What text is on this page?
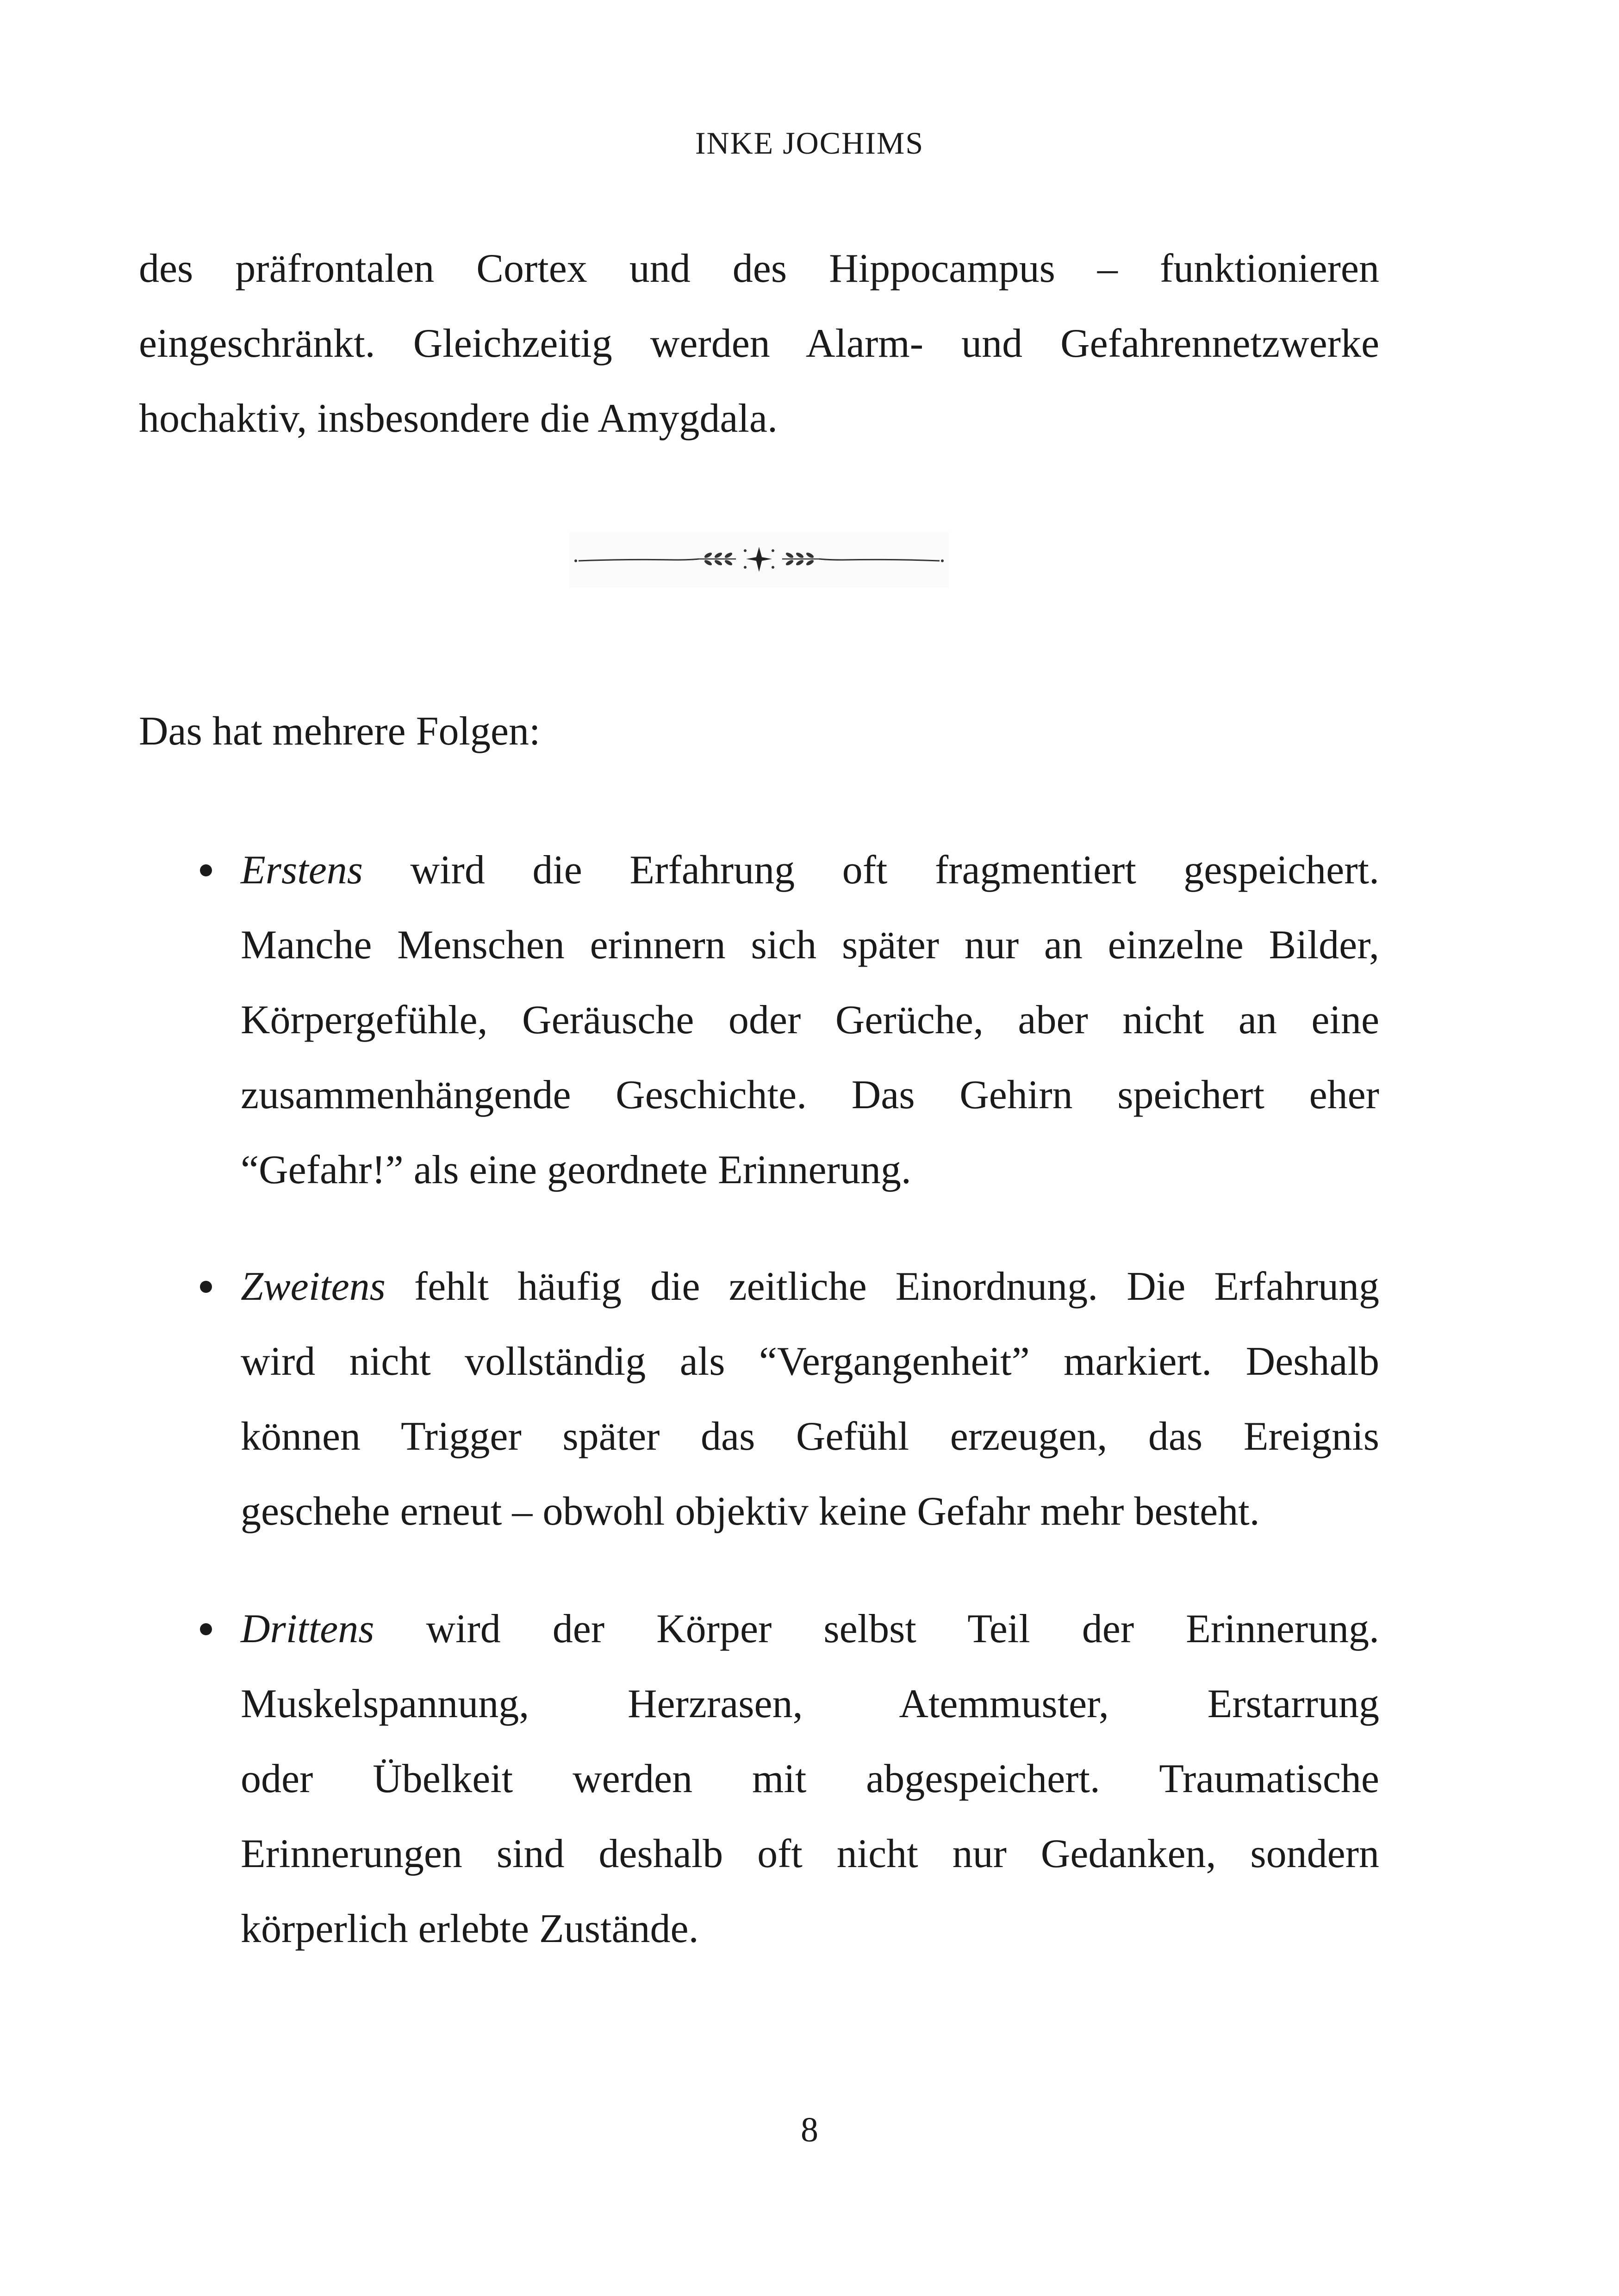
INKE JOCHIMS
des präfrontalen Cortex und des Hippocampus – funktionieren
eingeschränkt. Gleichzeitig werden Alarm- und Gefahrennetzwerke
hochaktiv, insbesondere die Amygdala.
Das hat mehrere Folgen:
Erstens wird die Erfahrung oft fragmentiert gespeichert.
Manche Menschen erinnern sich später nur an einzelne Bilder,
Körpergefühle, Geräusche oder Gerüche, aber nicht an eine
zusammenhängende Geschichte. Das Gehirn speichert eher
“Gefahr!” als eine geordnete Erinnerung.
Zweitens fehlt häufig die zeitliche Einordnung. Die Erfahrung
wird nicht vollständig als “Vergangenheit” markiert. Deshalb
können Trigger später das Gefühl erzeugen, das Ereignis
geschehe erneut – obwohl objektiv keine Gefahr mehr besteht.
Drittens wird der Körper selbst Teil der Erinnerung.
Muskelspannung, Herzrasen, Atemmuster, Erstarrung
oder Übelkeit werden mit abgespeichert. Traumatische
Erinnerungen sind deshalb oft nicht nur Gedanken, sondern
körperlich erlebte Zustände.
8
